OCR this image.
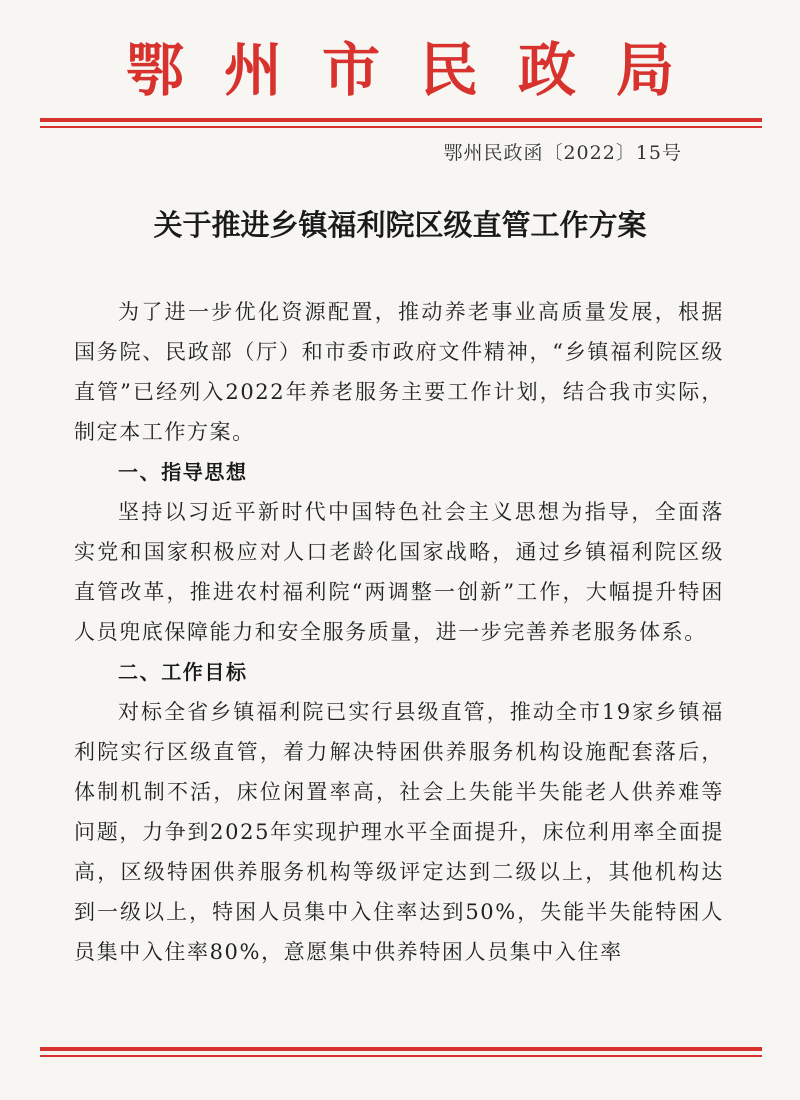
鄂州市民政局
鄂州民政函〔2022〕15号
关于推进乡镇福利院区级直管工作方案

为了进一步优化资源配置，推动养老事业高质量发展，根据国务院、民政部（厅）和市委市政府文件精神，“乡镇福利院区级直管”已经列入2022年养老服务主要工作计划，结合我市实际，制定本工作方案。

一、指导思想

坚持以习近平新时代中国特色社会主义思想为指导，全面落实党和国家积极应对人口老龄化国家战略，通过乡镇福利院区级直管改革，推进农村福利院“两调整一创新”工作，大幅提升特困人员兜底保障能力和安全服务质量，进一步完善养老服务体系。

二、工作目标

对标全省乡镇福利院已实行县级直管，推动全市19家乡镇福利院实行区级直管，着力解决特困供养服务机构设施配套落后，体制机制不活，床位闲置率高，社会上失能半失能老人供养难等问题，力争到2025年实现护理水平全面提升，床位利用率全面提高，区级特困供养服务机构等级评定达到二级以上，其他机构达到一级以上，特困人员集中入住率达到50%，失能半失能特困人员集中入住率80%，意愿集中供养特困人员集中入住率
